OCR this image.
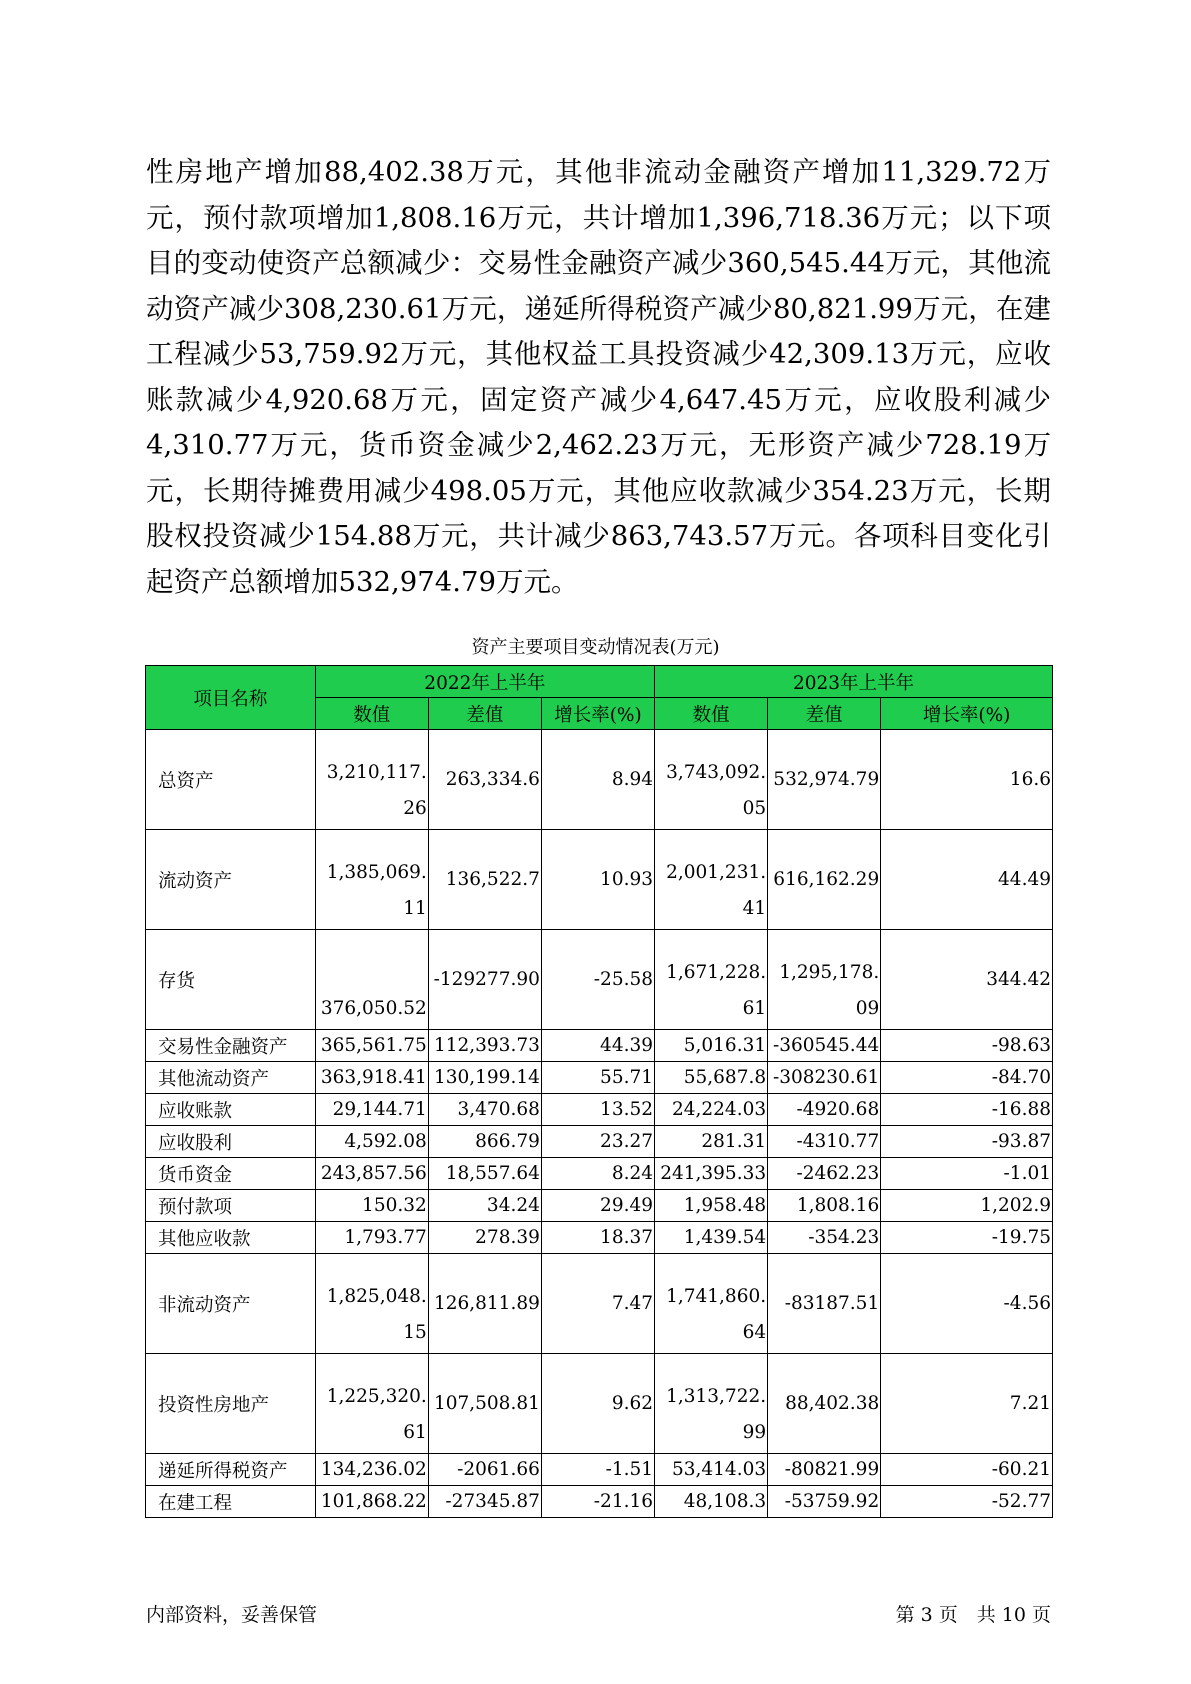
性房地产增加88,402.38万元，其他非流动金融资产增加11,329.72万元，预付款项增加1,808.16万元，共计增加1,396,718.36万元；以下项目的变动使资产总额减少：交易性金融资产减少360,545.44万元，其他流动资产减少308,230.61万元，递延所得税资产减少80,821.99万元，在建工程减少53,759.92万元，其他权益工具投资减少42,309.13万元，应收账款减少4,920.68万元，固定资产减少4,647.45万元，应收股利减少4,310.77万元，货币资金减少2,462.23万元，无形资产减少728.19万元，长期待摊费用减少498.05万元，其他应收款减少354.23万元，长期股权投资减少154.88万元，共计减少863,743.57万元。各项科目变化引起资产总额增加532,974.79万元。

资产主要项目变动情况表(万元)

项目名称	2022年上半年			2023年上半年		
	数值	差值	增长率(%)	数值	差值	增长率(%)
总资产	3,210,117.26	263,334.6	8.94	3,743,092.05	532,974.79	16.6
流动资产	1,385,069.11	136,522.7	10.93	2,001,231.41	616,162.29	44.49
存货	376,050.52	-129277.90	-25.58	1,671,228.61	1,295,178.09	344.42
交易性金融资产	365,561.75	112,393.73	44.39	5,016.31	-360545.44	-98.63
其他流动资产	363,918.41	130,199.14	55.71	55,687.8	-308230.61	-84.70
应收账款	29,144.71	3,470.68	13.52	24,224.03	-4920.68	-16.88
应收股利	4,592.08	866.79	23.27	281.31	-4310.77	-93.87
货币资金	243,857.56	18,557.64	8.24	241,395.33	-2462.23	-1.01
预付款项	150.32	34.24	29.49	1,958.48	1,808.16	1,202.9
其他应收款	1,793.77	278.39	18.37	1,439.54	-354.23	-19.75
非流动资产	1,825,048.15	126,811.89	7.47	1,741,860.64	-83187.51	-4.56
投资性房地产	1,225,320.61	107,508.81	9.62	1,313,722.99	88,402.38	7.21
递延所得税资产	134,236.02	-2061.66	-1.51	53,414.03	-80821.99	-60.21
在建工程	101,868.22	-27345.87	-21.16	48,108.3	-53759.92	-52.77

内部资料，妥善保管	第 3 页　共 10 页
